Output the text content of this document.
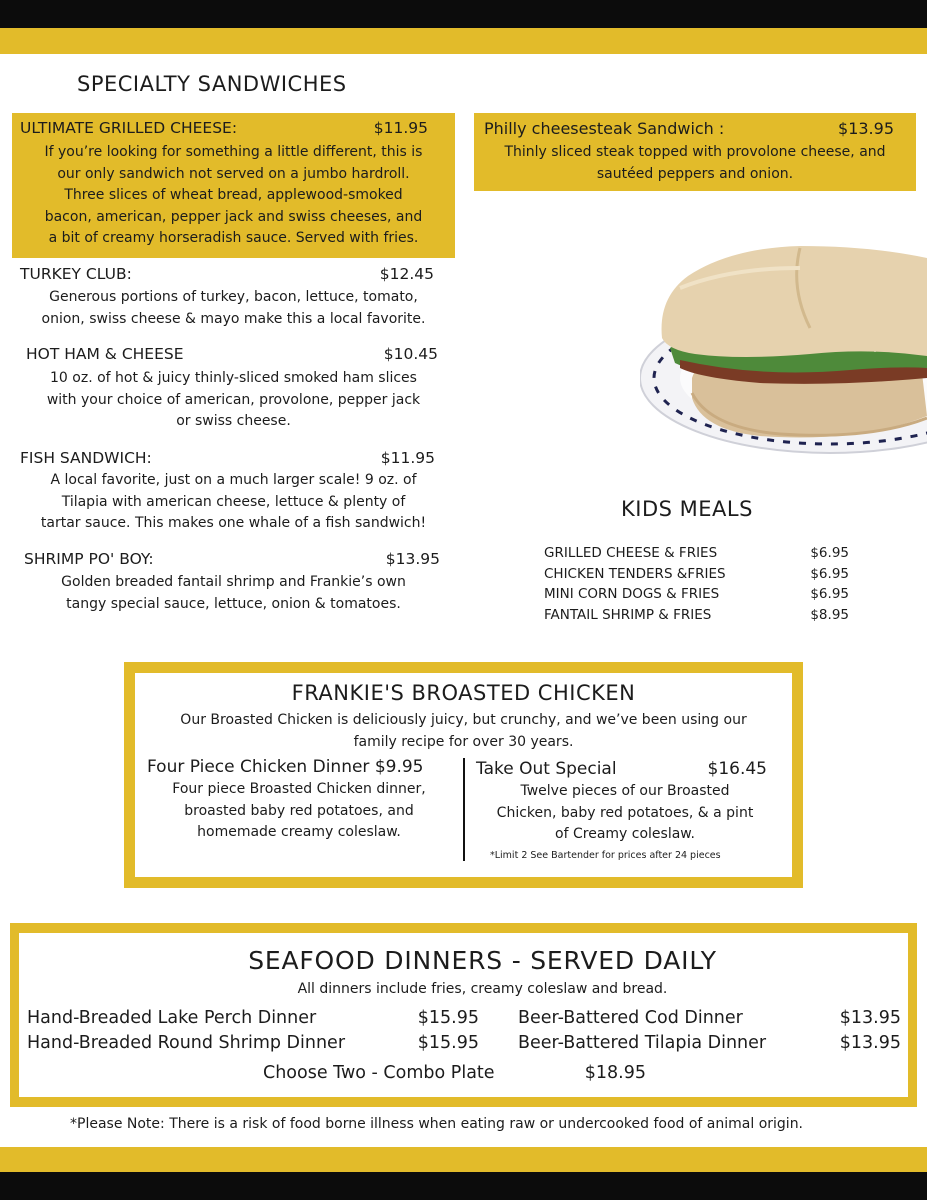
SPECIALTY SANDWICHES
ULTIMATE GRILLED CHEESE:	$11.95
If you’re looking for something a little different, this is
our only sandwich not served on a jumbo hardroll.
Three slices of wheat bread, applewood-smoked
bacon, american, pepper jack and swiss cheeses, and
a bit of creamy horseradish sauce. Served with fries.
TURKEY CLUB:	$12.45
Generous portions of turkey, bacon, lettuce, tomato,
onion, swiss cheese & mayo make this a local favorite.
HOT HAM & CHEESE	$10.45
10 oz. of hot & juicy thinly-sliced smoked ham slices
with your choice of american, provolone, pepper jack
or swiss cheese.
FISH SANDWICH:	$11.95
A local favorite, just on a much larger scale! 9 oz. of
Tilapia with american cheese, lettuce & plenty of
tartar sauce. This makes one whale of a fish sandwich!
SHRIMP PO' BOY:	$13.95
Golden breaded fantail shrimp and Frankie’s own
tangy special sauce, lettuce, onion & tomatoes.
Philly cheesesteak Sandwich :	$13.95
Thinly sliced steak topped with provolone cheese, and
sautéed peppers and onion.
KIDS MEALS
GRILLED CHEESE & FRIES	$6.95
CHICKEN TENDERS &FRIES	$6.95
MINI CORN DOGS & FRIES	$6.95
FANTAIL SHRIMP & FRIES	$8.95
FRANKIE'S BROASTED CHICKEN
Our Broasted Chicken is deliciously juicy, but crunchy, and we’ve been using our
family recipe for over 30 years.
Four Piece Chicken Dinner $9.95
Four piece Broasted Chicken dinner,
broasted baby red potatoes, and
homemade creamy coleslaw.
Take Out Special	$16.45
Twelve pieces of our Broasted
Chicken, baby red potatoes, & a pint
of Creamy coleslaw.
*Limit 2 See Bartender for prices after 24 pieces
SEAFOOD DINNERS - SERVED DAILY
All dinners include fries, creamy coleslaw and bread.
Hand-Breaded Lake Perch Dinner	$15.95
Hand-Breaded Round Shrimp Dinner	$15.95
Beer-Battered Cod Dinner	$13.95
Beer-Battered Tilapia Dinner	$13.95
Choose Two - Combo Plate	$18.95
*Please Note: There is a risk of food borne illness when eating raw or undercooked food of animal origin.
